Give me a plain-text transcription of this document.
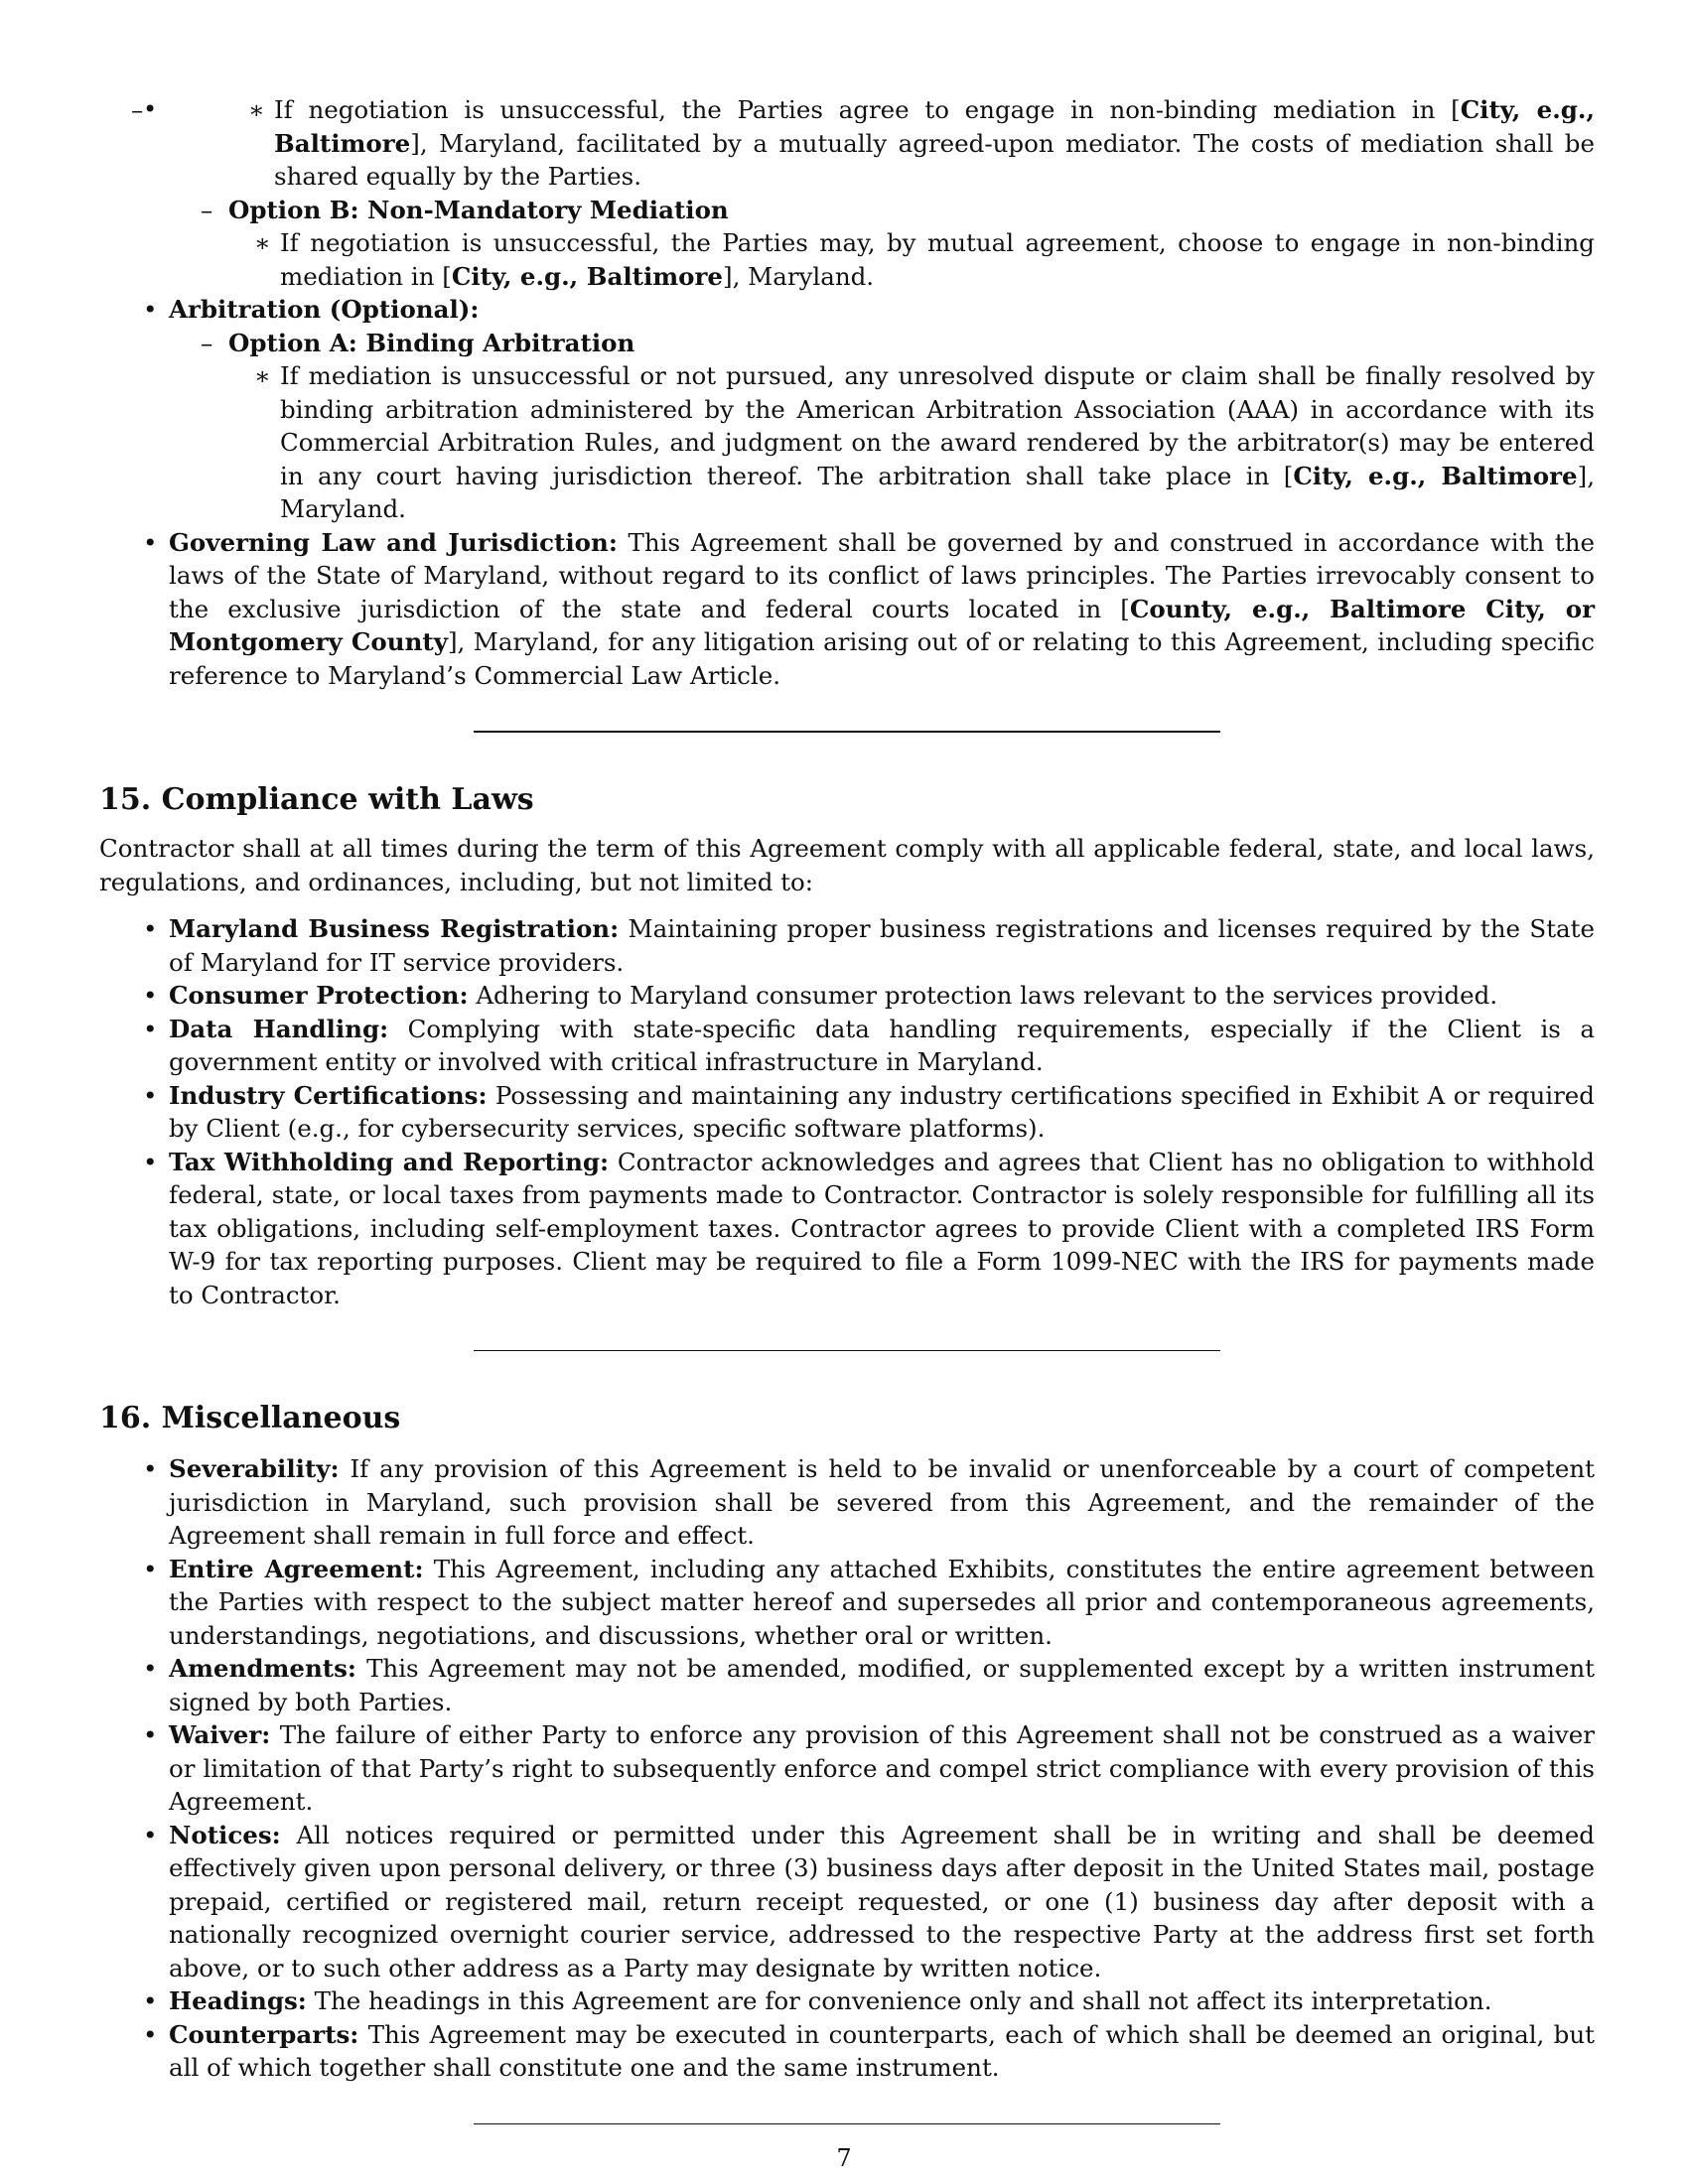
∗ – • If negotiation is unsuccessful, the Parties agree to engage in non-binding mediation in [City, e.g., Baltimore], Maryland, facilitated by a mutually agreed-upon mediator. The costs of mediation shall be shared equally by the Parties.
– Option B: Non-Mandatory Mediation
∗ If negotiation is unsuccessful, the Parties may, by mutual agreement, choose to engage in non-binding mediation in [City, e.g., Baltimore], Maryland.
• Arbitration (Optional):
– Option A: Binding Arbitration
∗ If mediation is unsuccessful or not pursued, any unresolved dispute or claim shall be finally resolved by binding arbitration administered by the American Arbitration Association (AAA) in accordance with its Commercial Arbitration Rules, and judgment on the award rendered by the arbitrator(s) may be entered in any court having jurisdiction thereof. The arbitration shall take place in [City, e.g., Baltimore], Maryland.
• Governing Law and Jurisdiction: This Agreement shall be governed by and construed in accordance with the laws of the State of Maryland, without regard to its conflict of laws principles. The Parties irrevocably consent to the exclusive jurisdiction of the state and federal courts located in [County, e.g., Baltimore City, or Montgomery County], Maryland, for any litigation arising out of or relating to this Agreement, including specific reference to Maryland’s Commercial Law Article.
15. Compliance with Laws

Contractor shall at all times during the term of this Agreement comply with all applicable federal, state, and local laws, regulations, and ordinances, including, but not limited to:

• Maryland Business Registration: Maintaining proper business registrations and licenses required by the State of Maryland for IT service providers.
• Consumer Protection: Adhering to Maryland consumer protection laws relevant to the services provided.
• Data Handling: Complying with state-specific data handling requirements, especially if the Client is a government entity or involved with critical infrastructure in Maryland.
• Industry Certifications: Possessing and maintaining any industry certifications specified in Exhibit A or required by Client (e.g., for cybersecurity services, specific software platforms).
• Tax Withholding and Reporting: Contractor acknowledges and agrees that Client has no obligation to withhold federal, state, or local taxes from payments made to Contractor. Contractor is solely responsible for fulfilling all its tax obligations, including self-employment taxes. Contractor agrees to provide Client with a completed IRS Form W-9 for tax reporting purposes. Client may be required to file a Form 1099-NEC with the IRS for payments made to Contractor.
16. Miscellaneous
• Severability: If any provision of this Agreement is held to be invalid or unenforceable by a court of competent jurisdiction in Maryland, such provision shall be severed from this Agreement, and the remainder of the Agreement shall remain in full force and effect.
• Entire Agreement: This Agreement, including any attached Exhibits, constitutes the entire agreement between the Parties with respect to the subject matter hereof and supersedes all prior and contemporaneous agreements, understandings, negotiations, and discussions, whether oral or written.
• Amendments: This Agreement may not be amended, modified, or supplemented except by a written instrument signed by both Parties.
• Waiver: The failure of either Party to enforce any provision of this Agreement shall not be construed as a waiver or limitation of that Party’s right to subsequently enforce and compel strict compliance with every provision of this Agreement.
• Notices: All notices required or permitted under this Agreement shall be in writing and shall be deemed effectively given upon personal delivery, or three (3) business days after deposit in the United States mail, postage prepaid, certified or registered mail, return receipt requested, or one (1) business day after deposit with a nationally recognized overnight courier service, addressed to the respective Party at the address first set forth above, or to such other address as a Party may designate by written notice.
• Headings: The headings in this Agreement are for convenience only and shall not affect its interpretation.
• Counterparts: This Agreement may be executed in counterparts, each of which shall be deemed an original, but all of which together shall constitute one and the same instrument.
7
